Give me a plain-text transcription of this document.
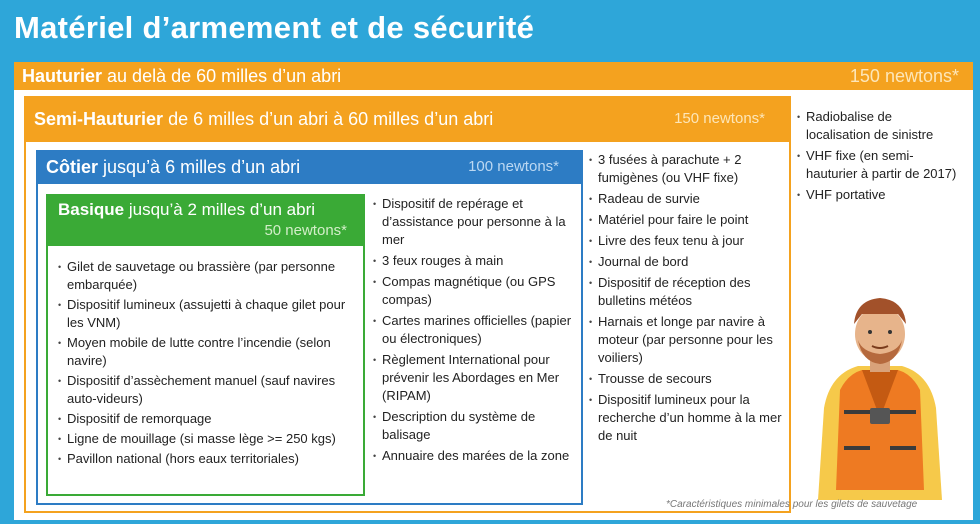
Matériel d’armement et de sécurité
Hauturier au delà de 60 milles d’un abri	150 newtons*
Semi-Hauturier de 6 milles d’un abri à 60 milles d’un abri	150 newtons*
Côtier jusqu’à 6 milles d’un abri	100 newtons*
Basique jusqu’à 2 milles d’un abri
50 newtons*
• Gilet de sauvetage ou brassière (par personne embarquée)
• Dispositif lumineux (assujetti à chaque gilet pour les VNM)
• Moyen mobile de lutte contre l’incendie (selon navire)
• Dispositif d’assèchement manuel (sauf navires auto-videurs)
• Dispositif de remorquage
• Ligne de mouillage (si masse lège >= 250 kgs)
• Pavillon national (hors eaux territoriales)
• Dispositif de repérage et d’assistance pour personne à la mer
• 3 feux rouges à main
• Compas magnétique (ou GPS compas)
• Cartes marines officielles (papier ou électroniques)
• Règlement International pour prévenir les Abordages en Mer (RIPAM)
• Description du système de balisage
• Annuaire des marées de la zone
• 3 fusées à parachute + 2 fumigènes (ou VHF fixe)
• Radeau de survie
• Matériel pour faire le point
• Livre des feux tenu à jour
• Journal de bord
• Dispositif de réception des bulletins météos
• Harnais et longe par navire à moteur (par personne pour les voiliers)
• Trousse de secours
• Dispositif lumineux pour la recherche d’un homme à la mer de nuit
• Radiobalise de localisation de sinistre
• VHF fixe (en semi-hauturier à partir de 2017)
• VHF portative
*Caractéristiques minimales pour les gilets de sauvetage
